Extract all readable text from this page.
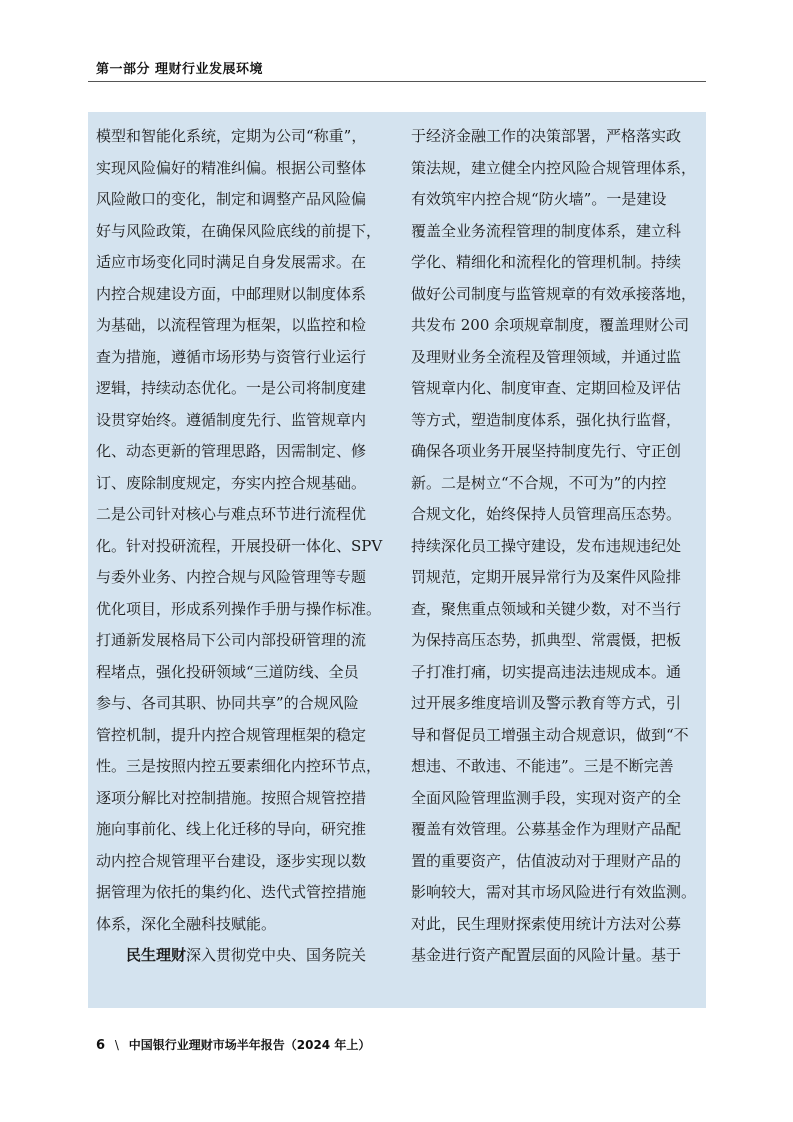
第一部分 理财行业发展环境
模型和智能化系统，定期为公司“称重”，
实现风险偏好的精准纠偏。根据公司整体
风险敞口的变化，制定和调整产品风险偏
好与风险政策，在确保风险底线的前提下，
适应市场变化同时满足自身发展需求。在
内控合规建设方面，中邮理财以制度体系
为基础，以流程管理为框架，以监控和检
查为措施，遵循市场形势与资管行业运行
逻辑，持续动态优化。一是公司将制度建
设贯穿始终。遵循制度先行、监管规章内
化、动态更新的管理思路，因需制定、修
订、废除制度规定，夯实内控合规基础。
二是公司针对核心与难点环节进行流程优
化。针对投研流程，开展投研一体化、SPV
与委外业务、内控合规与风险管理等专题
优化项目，形成系列操作手册与操作标准。
打通新发展格局下公司内部投研管理的流
程堵点，强化投研领域“三道防线、全员
参与、各司其职、协同共享”的合规风险
管控机制，提升内控合规管理框架的稳定
性。三是按照内控五要素细化内控环节点，
逐项分解比对控制措施。按照合规管控措
施向事前化、线上化迁移的导向，研究推
动内控合规管理平台建设，逐步实现以数
据管理为依托的集约化、迭代式管控措施
体系，深化全融科技赋能。
民生理财深入贯彻党中央、国务院关
于经济金融工作的决策部署，严格落实政
策法规，建立健全内控风险合规管理体系，
有效筑牢内控合规“防火墙”。一是建设
覆盖全业务流程管理的制度体系，建立科
学化、精细化和流程化的管理机制。持续
做好公司制度与监管规章的有效承接落地，
共发布 200 余项规章制度，覆盖理财公司
及理财业务全流程及管理领域，并通过监
管规章内化、制度审查、定期回检及评估
等方式，塑造制度体系，强化执行监督，
确保各项业务开展坚持制度先行、守正创
新。二是树立“不合规，不可为”的内控
合规文化，始终保持人员管理高压态势。
持续深化员工操守建设，发布违规违纪处
罚规范，定期开展异常行为及案件风险排
查，聚焦重点领域和关键少数，对不当行
为保持高压态势，抓典型、常震慑，把板
子打准打痛，切实提高违法违规成本。通
过开展多维度培训及警示教育等方式，引
导和督促员工增强主动合规意识，做到“不
想违、不敢违、不能违”。三是不断完善
全面风险管理监测手段，实现对资产的全
覆盖有效管理。公募基金作为理财产品配
置的重要资产，估值波动对于理财产品的
影响较大，需对其市场风险进行有效监测。
对此，民生理财探索使用统计方法对公募
基金进行资产配置层面的风险计量。基于
6 \ 中国银行业理财市场半年报告（2024 年上）
